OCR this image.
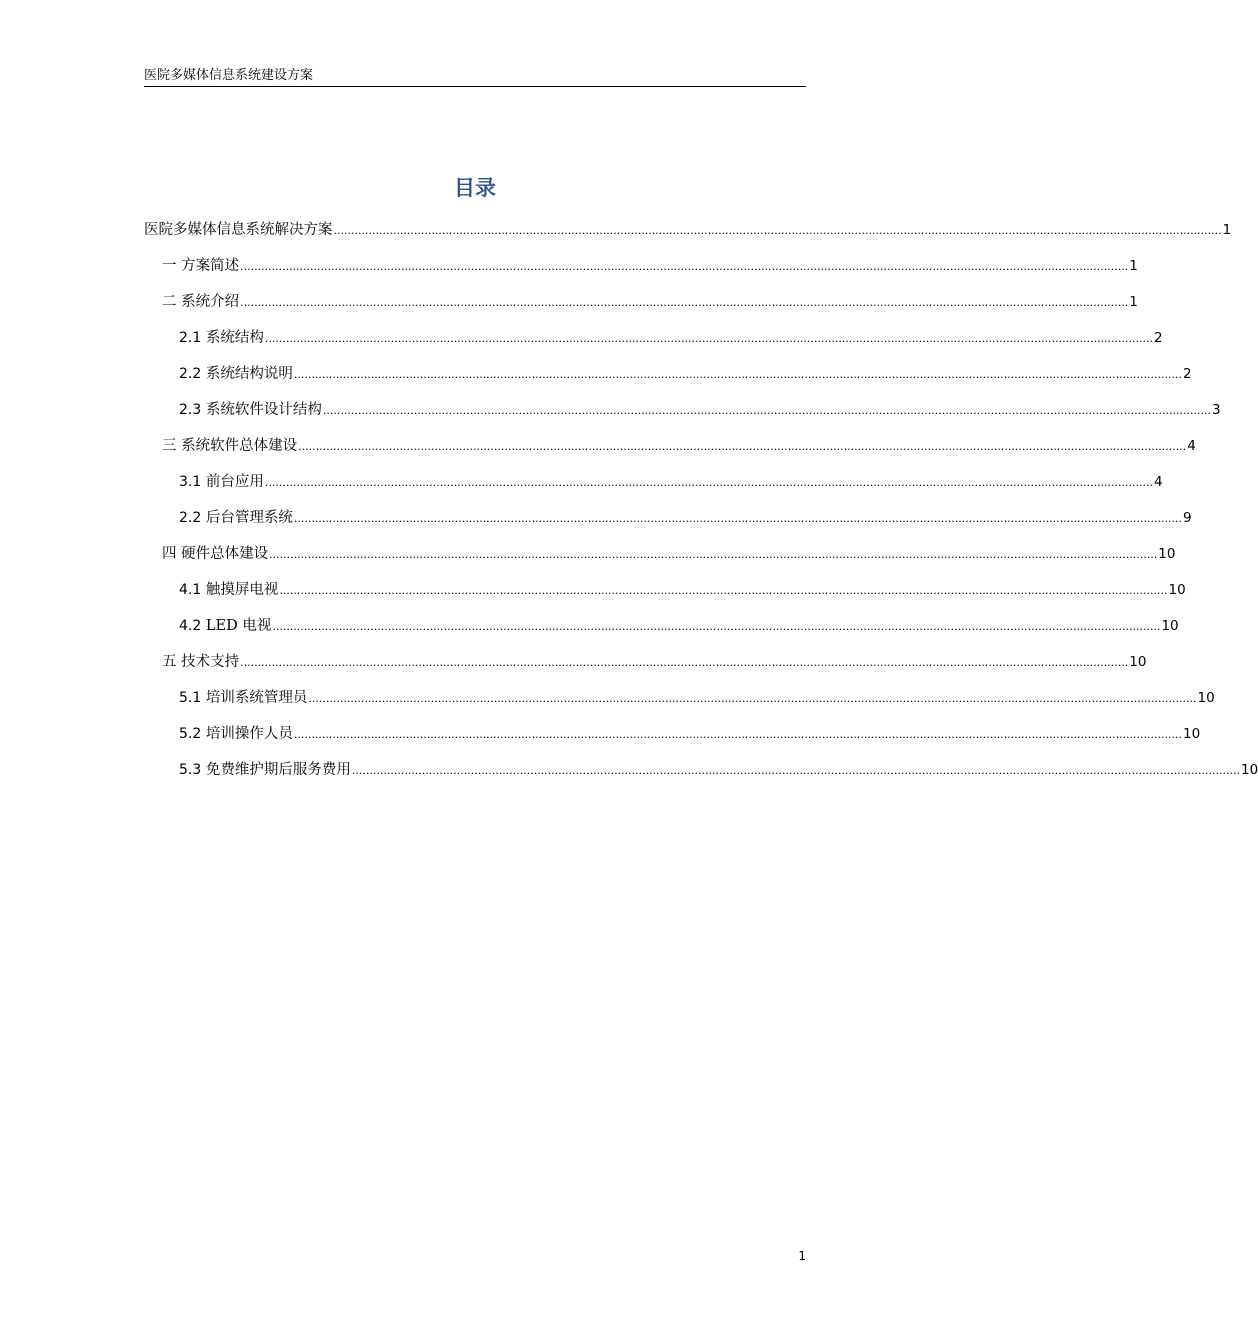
医院多媒体信息系统建设方案
目录
医院多媒体信息系统解决方案 .............................................................................................................................................................................................................................................................. 1
一 方案简述 .............................................................................................................................................................................................................................................................. 1
二 系统介绍 .............................................................................................................................................................................................................................................................. 1
2.1 系统结构 .............................................................................................................................................................................................................................................................. 2
2.2 系统结构说明 .............................................................................................................................................................................................................................................................. 2
2.3 系统软件设计结构 .............................................................................................................................................................................................................................................................. 3
三 系统软件总体建设 .............................................................................................................................................................................................................................................................. 4
3.1 前台应用 .............................................................................................................................................................................................................................................................. 4
2.2 后台管理系统 .............................................................................................................................................................................................................................................................. 9
四 硬件总体建设 .............................................................................................................................................................................................................................................................. 10
4.1 触摸屏电视 .............................................................................................................................................................................................................................................................. 10
4.2 LED 电视 .............................................................................................................................................................................................................................................................. 10
五 技术支持 .............................................................................................................................................................................................................................................................. 10
5.1 培训系统管理员 .............................................................................................................................................................................................................................................................. 10
5.2 培训操作人员 .............................................................................................................................................................................................................................................................. 10
5.3 免费维护期后服务费用 .............................................................................................................................................................................................................................................................. 10
1
